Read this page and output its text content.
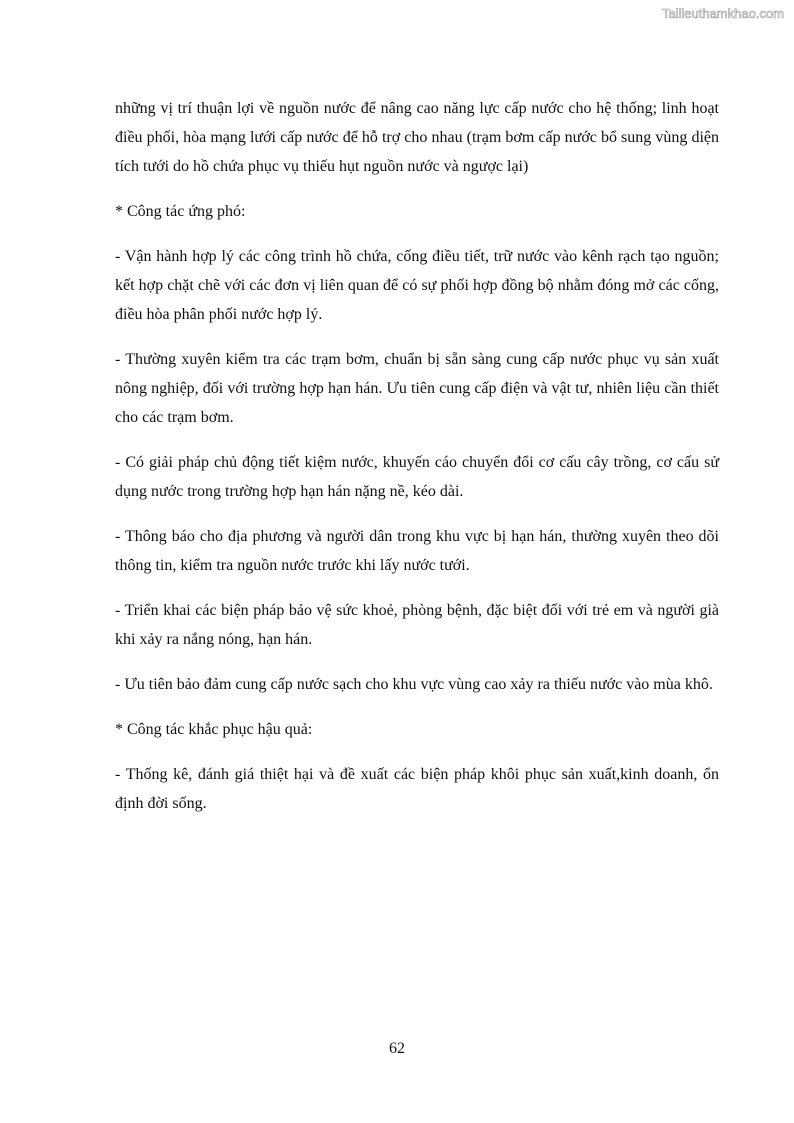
Tailieuthamkhao.com

những vị trí thuận lợi về nguồn nước để nâng cao năng lực cấp nước cho hệ thống; linh hoạt điều phối, hòa mạng lưới cấp nước để hỗ trợ cho nhau (trạm bơm cấp nước bổ sung vùng diện tích tưới do hồ chứa phục vụ thiếu hụt nguồn nước và ngược lại)

* Công tác ứng phó:

- Vận hành hợp lý các công trình hồ chứa, cống điều tiết, trữ nước vào kênh rạch tạo nguồn; kết hợp chặt chẽ với các đơn vị liên quan để có sự phối hợp đồng bộ nhằm đóng mở các cống, điều hòa phân phối nước hợp lý.

- Thường xuyên kiểm tra các trạm bơm, chuẩn bị sẵn sàng cung cấp nước phục vụ sản xuất nông nghiệp, đối với trường hợp hạn hán. Ưu tiên cung cấp điện và vật tư, nhiên liệu cần thiết cho các trạm bơm.

- Có giải pháp chủ động tiết kiệm nước, khuyến cáo chuyển đổi cơ cấu cây trồng, cơ cấu sử dụng nước trong trường hợp hạn hán nặng nề, kéo dài.

- Thông báo cho địa phương và người dân trong khu vực bị hạn hán, thường xuyên theo dõi thông tin, kiểm tra nguồn nước trước khi lấy nước tưới.

- Triển khai các biện pháp bảo vệ sức khoẻ, phòng bệnh, đặc biệt đối với trẻ em và người già khi xảy ra nắng nóng, hạn hán.

- Ưu tiên bảo đảm cung cấp nước sạch cho khu vực vùng cao xảy ra thiếu nước vào mùa khô.

* Công tác khắc phục hậu quả:

- Thống kê, đánh giá thiệt hại và đề xuất các biện pháp khôi phục sản xuất,kinh doanh, ổn định đời sống.

62
